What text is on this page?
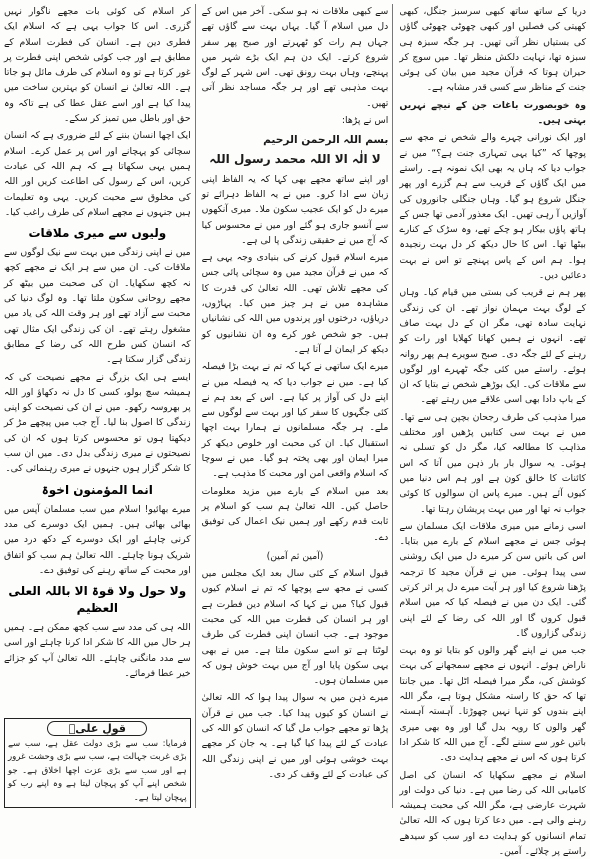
دریا کے ساتھ ساتھ کبھی سرسبز جنگل، کبھی کھیتی کی فصلیں اور کبھی چھوٹی چھوٹی گاؤں کی بستیاں نظر آتی تھیں۔ ہر جگہ سبزہ ہی سبزہ تھا، نہایت دلکش منظر تھا۔ میں سوچ کر حیران ہوتا کہ قرآن مجید میں بیان کی ہوئی جنت کے مناظر سے کسی قدر مشابہ ہے۔
وہ خوبصورت باغات جن کے نیچے نہریں بہتی ہیں۔
اور ایک نورانی چہرے والے شخص نے مجھ سے پوچھا کہ ”کیا یہی تمہاری جنت ہے؟“ میں نے جواب دیا کہ ہاں یہ بھی ایک نمونہ ہے۔ راستے میں ایک گاؤں کے قریب سے ہم گزرے اور پھر جنگل شروع ہو گیا۔ وہاں جنگلی جانوروں کی آوازیں آ رہی تھیں۔ ایک معذور آدمی تھا جس کے ہاتھ پاؤں بیکار ہو چکے تھے، وہ سڑک کے کنارے بیٹھا تھا۔ اس کا حال دیکھ کر دل بہت رنجیدہ ہوا۔ ہم اس کے پاس پہنچے تو اس نے بہت دعائیں دیں۔
پھر ہم نے قریب کی بستی میں قیام کیا۔ وہاں کے لوگ بہت مہمان نواز تھے۔ ان کی زندگی نہایت سادہ تھی، مگر ان کے دل بہت صاف تھے۔ انہوں نے ہمیں کھانا کھلایا اور رات کو رہنے کے لئے جگہ دی۔ صبح سویرے ہم پھر روانہ ہوئے۔ راستے میں کئی جگہ ٹھہرے اور لوگوں سے ملاقات کی۔ ایک بوڑھے شخص نے بتایا کہ ان کے باپ دادا بھی اسی علاقے میں رہتے تھے۔
میرا مذہب کی طرف رجحان بچپن ہی سے تھا۔ میں نے بہت سی کتابیں پڑھیں اور مختلف مذاہب کا مطالعہ کیا، مگر دل کو تسلی نہ ہوئی۔ یہ سوال بار بار ذہن میں آتا کہ اس کائنات کا خالق کون ہے اور ہم اس دنیا میں کیوں آئے ہیں۔ میرے پاس ان سوالوں کا کوئی جواب نہ تھا اور میں بہت پریشان رہتا تھا۔
اسی زمانے میں میری ملاقات ایک مسلمان سے ہوئی جس نے مجھے اسلام کے بارے میں بتایا۔ اس کی باتیں سن کر میرے دل میں ایک روشنی سی پیدا ہوئی۔ میں نے قرآن مجید کا ترجمہ پڑھنا شروع کیا اور ہر آیت میرے دل پر اثر کرتی گئی۔ ایک دن میں نے فیصلہ کیا کہ میں اسلام قبول کروں گا اور اللہ کی رضا کے لئے اپنی زندگی گزاروں گا۔
جب میں نے اپنے گھر والوں کو بتایا تو وہ بہت ناراض ہوئے۔ انہوں نے مجھے سمجھانے کی بہت کوشش کی، مگر میرا فیصلہ اٹل تھا۔ میں جانتا تھا کہ حق کا راستہ مشکل ہوتا ہے، مگر اللہ اپنے بندوں کو تنہا نہیں چھوڑتا۔ آہستہ آہستہ گھر والوں کا رویہ بدل گیا اور وہ بھی میری باتیں غور سے سننے لگے۔ آج میں اللہ کا شکر ادا کرتا ہوں کہ اس نے مجھے ہدایت دی۔
اسلام نے مجھے سکھایا کہ انسان کی اصل کامیابی اللہ کی رضا میں ہے۔ دنیا کی دولت اور شہرت عارضی ہے، مگر اللہ کی محبت ہمیشہ رہنے والی ہے۔ میں دعا کرتا ہوں کہ اللہ تعالیٰ تمام انسانوں کو ہدایت دے اور سب کو سیدھے راستے پر چلائے۔ آمین۔
سے کبھی ملاقات نہ ہو سکی۔ آخر میں اس کے دل میں اسلام آ گیا۔ یہاں بہت سے گاؤں تھے جہاں ہم رات کو ٹھہرتے اور صبح پھر سفر شروع کرتے۔ ایک دن ہم ایک بڑے شہر میں پہنچے، وہاں بہت رونق تھی۔ اس شہر کے لوگ بہت مذہبی تھے اور ہر جگہ مساجد نظر آتی تھیں۔
اس نے پڑھا:
بسم اللہ الرحمن الرحیم
لا الٰہ الا اللہ محمد رسول اللہ
اور اپنے ساتھ مجھے بھی کہا کہ یہ الفاظ اپنی زبان سے ادا کرو۔ میں نے یہ الفاظ دہرائے تو میرے دل کو ایک عجیب سکون ملا۔ میری آنکھوں سے آنسو جاری ہو گئے اور میں نے محسوس کیا کہ آج میں نے حقیقی زندگی پا لی ہے۔
میرے اسلام قبول کرنے کی بنیادی وجہ یہی ہے کہ میں نے قرآن مجید میں وہ سچائی پائی جس کی مجھے تلاش تھی۔ اللہ تعالیٰ کی قدرت کا مشاہدہ میں نے ہر چیز میں کیا۔ پہاڑوں، دریاؤں، درختوں اور پرندوں میں اللہ کی نشانیاں ہیں۔ جو شخص غور کرے وہ ان نشانیوں کو دیکھ کر ایمان لے آتا ہے۔
میرے ایک ساتھی نے کہا کہ تم نے بہت بڑا فیصلہ کیا ہے۔ میں نے جواب دیا کہ یہ فیصلہ میں نے اپنے دل کی آواز پر کیا ہے۔ اس کے بعد ہم نے کئی جگہوں کا سفر کیا اور بہت سے لوگوں سے ملے۔ ہر جگہ مسلمانوں نے ہمارا بہت اچھا استقبال کیا۔ ان کی محبت اور خلوص دیکھ کر میرا ایمان اور بھی پختہ ہو گیا۔ میں نے سوچا کہ اسلام واقعی امن اور محبت کا مذہب ہے۔
بعد میں اسلام کے بارے میں مزید معلومات حاصل کیں۔ اللہ تعالیٰ ہم سب کو اسلام پر ثابت قدم رکھے اور ہمیں نیک اعمال کی توفیق دے۔
(آمین ثم آمین)
قبول اسلام کے کئی سال بعد ایک مجلس میں کسی نے مجھ سے پوچھا کہ تم نے اسلام کیوں قبول کیا؟ میں نے کہا کہ اسلام دین فطرت ہے اور ہر انسان کی فطرت میں اللہ کی محبت موجود ہے۔ جب انسان اپنی فطرت کی طرف لوٹتا ہے تو اسے سکون ملتا ہے۔ میں نے بھی یہی سکون پایا اور آج میں بہت خوش ہوں کہ میں مسلمان ہوں۔
میرے ذہن میں یہ سوال پیدا ہوا کہ اللہ تعالیٰ نے انسان کو کیوں پیدا کیا۔ جب میں نے قرآن پڑھا تو مجھے جواب مل گیا کہ انسان کو اللہ کی عبادت کے لئے پیدا کیا گیا ہے۔ یہ جان کر مجھے بہت خوشی ہوئی اور میں نے اپنی زندگی اللہ کی عبادت کے لئے وقف کر دی۔
کر اسلام کی کوئی بات مجھے ناگوار نہیں گزری۔ اس کا جواب یہی ہے کہ اسلام ایک فطری دین ہے۔ انسان کی فطرت اسلام کے مطابق ہے اور جب کوئی شخص اپنی فطرت پر غور کرتا ہے تو وہ اسلام کی طرف مائل ہو جاتا ہے۔ اللہ تعالیٰ نے انسان کو بہترین ساخت میں پیدا کیا ہے اور اسے عقل عطا کی ہے تاکہ وہ حق اور باطل میں تمیز کر سکے۔
ایک اچھا انسان بننے کے لئے ضروری ہے کہ انسان سچائی کو پہچانے اور اس پر عمل کرے۔ اسلام ہمیں یہی سکھاتا ہے کہ ہم اللہ کی عبادت کریں، اس کے رسول کی اطاعت کریں اور اللہ کی مخلوق سے محبت کریں۔ یہی وہ تعلیمات ہیں جنہوں نے مجھے اسلام کی طرف راغب کیا۔
ولیوں سے میری ملاقات
میں نے اپنی زندگی میں بہت سے نیک لوگوں سے ملاقات کی۔ ان میں سے ہر ایک نے مجھے کچھ نہ کچھ سکھایا۔ ان کی صحبت میں بیٹھ کر مجھے روحانی سکون ملتا تھا۔ وہ لوگ دنیا کی محبت سے آزاد تھے اور ہر وقت اللہ کی یاد میں مشغول رہتے تھے۔ ان کی زندگی ایک مثال تھی کہ انسان کس طرح اللہ کی رضا کے مطابق زندگی گزار سکتا ہے۔
ایسے ہی ایک بزرگ نے مجھے نصیحت کی کہ ہمیشہ سچ بولو، کسی کا دل نہ دکھاؤ اور اللہ پر بھروسہ رکھو۔ میں نے ان کی نصیحت کو اپنی زندگی کا اصول بنا لیا۔ آج جب میں پیچھے مڑ کر دیکھتا ہوں تو محسوس کرتا ہوں کہ ان کی نصیحتوں نے میری زندگی بدل دی۔ میں ان سب کا شکر گزار ہوں جنہوں نے میری رہنمائی کی۔
انما المؤمنون اخوۃ
میرے بھائیو! اسلام میں سب مسلمان آپس میں بھائی بھائی ہیں۔ ہمیں ایک دوسرے کی مدد کرنی چاہئے اور ایک دوسرے کے دکھ درد میں شریک ہونا چاہئے۔ اللہ تعالیٰ ہم سب کو اتفاق اور محبت کے ساتھ رہنے کی توفیق دے۔
ولا حول ولا قوۃ الا باللہ العلی العظیم
اللہ ہی کی مدد سے سب کچھ ممکن ہے۔ ہمیں ہر حال میں اللہ کا شکر ادا کرنا چاہئے اور اسی سے مدد مانگنی چاہئے۔ اللہ تعالیٰ آپ کو جزائے خیر عطا فرمائے۔
قولِ علیؓ
فرمایا: سب سے بڑی دولت عقل ہے، سب سے بڑی غربت جہالت ہے، سب سے بڑی وحشت غرور ہے اور سب سے بڑی عزت اچھا اخلاق ہے۔ جو شخص اپنے آپ کو پہچان لیتا ہے وہ اپنے رب کو پہچان لیتا ہے۔
